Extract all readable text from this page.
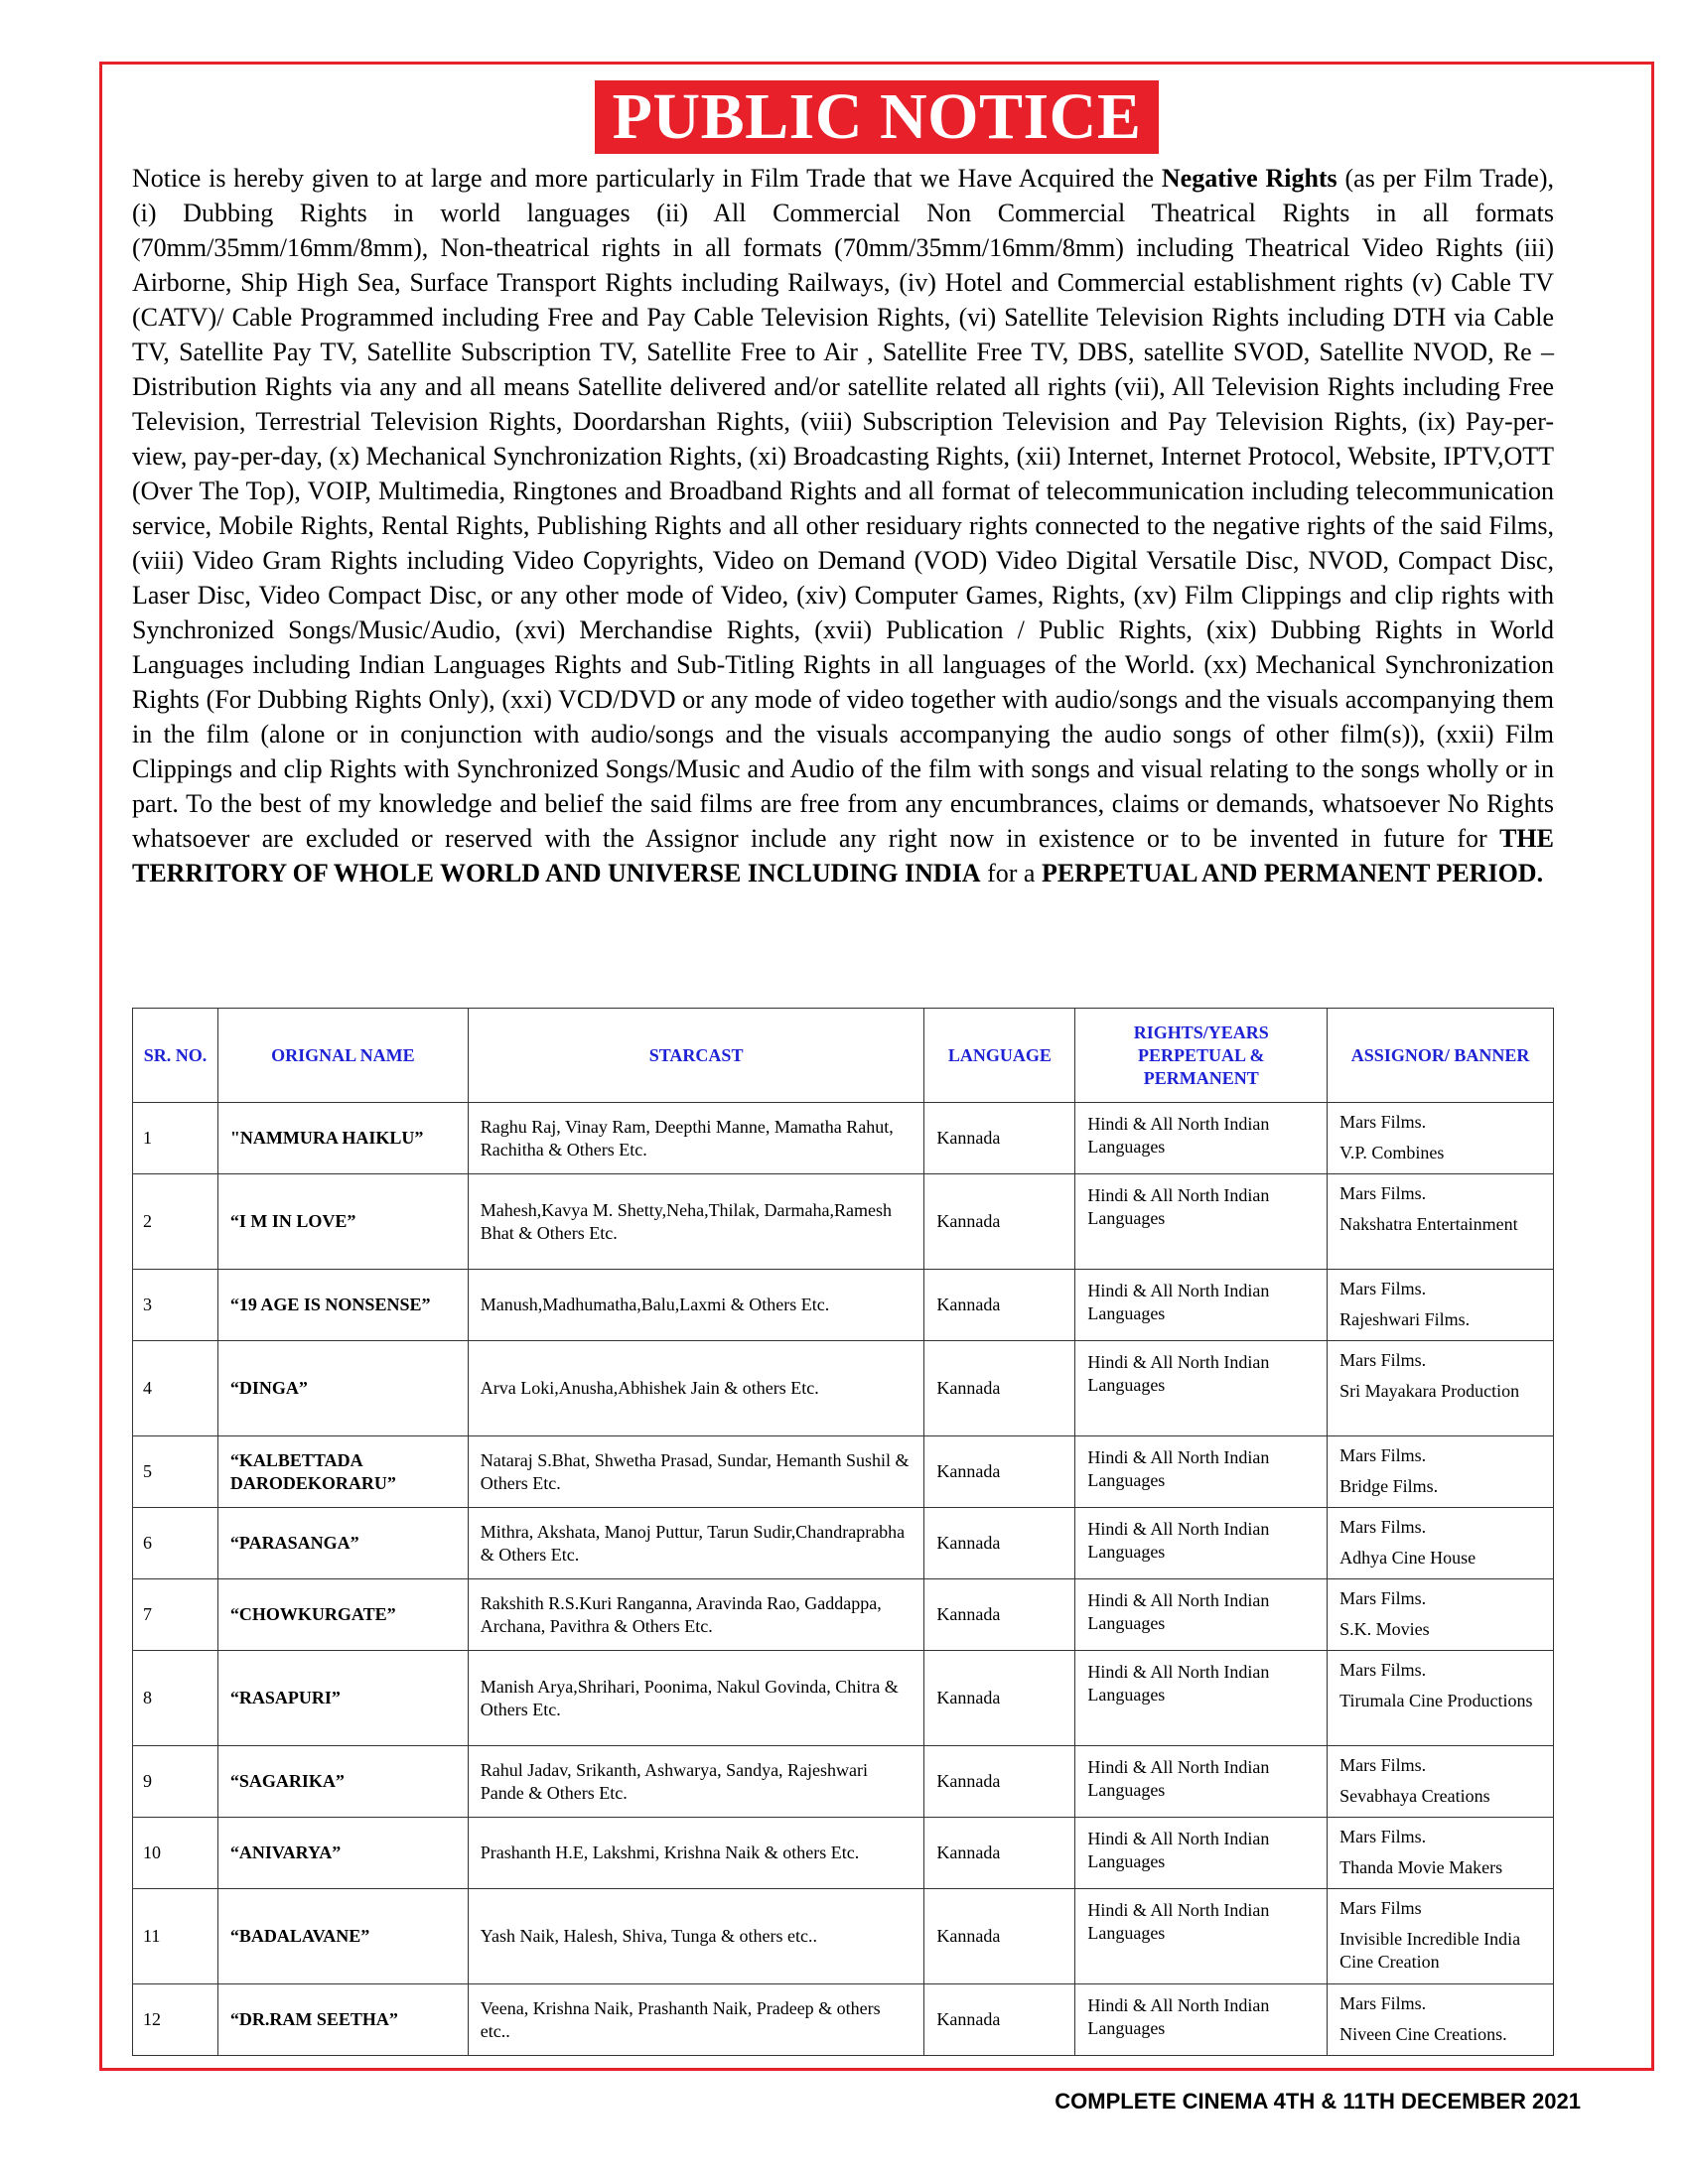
PUBLIC NOTICE
Notice is hereby given to at large and more particularly in Film Trade that we Have Acquired the Negative Rights (as per Film Trade), (i) Dubbing Rights in world languages (ii) All Commercial Non Commercial Theatrical Rights in all formats (70mm/35mm/16mm/8mm), Non-theatrical rights in all formats (70mm/35mm/16mm/8mm) including Theatrical Video Rights (iii) Airborne, Ship High Sea, Surface Transport Rights including Railways, (iv) Hotel and Commercial establishment rights (v) Cable TV (CATV)/ Cable Programmed including Free and Pay Cable Television Rights, (vi) Satellite Television Rights including DTH via Cable TV, Satellite Pay TV, Satellite Subscription TV, Satellite Free to Air , Satellite Free TV, DBS, satellite SVOD, Satellite NVOD, Re – Distribution Rights via any and all means Satellite delivered and/or satellite related all rights (vii), All Television Rights including Free Television, Terrestrial Television Rights, Doordarshan Rights, (viii) Subscription Television and Pay Television Rights, (ix) Pay-per-view, pay-per-day, (x) Mechanical Synchronization Rights, (xi) Broadcasting Rights, (xii) Internet, Internet Protocol, Website, IPTV,OTT (Over The Top), VOIP, Multimedia, Ringtones and Broadband Rights and all format of telecommunication including telecommunication service, Mobile Rights, Rental Rights, Publishing Rights and all other residuary rights connected to the negative rights of the said Films, (viii) Video Gram Rights including Video Copyrights, Video on Demand (VOD) Video Digital Versatile Disc, NVOD, Compact Disc, Laser Disc, Video Compact Disc, or any other mode of Video, (xiv) Computer Games, Rights, (xv) Film Clippings and clip rights with Synchronized Songs/Music/Audio, (xvi) Merchandise Rights, (xvii) Publication / Public Rights, (xix) Dubbing Rights in World Languages including Indian Languages Rights and Sub-Titling Rights in all languages of the World. (xx) Mechanical Synchronization Rights (For Dubbing Rights Only), (xxi) VCD/DVD or any mode of video together with audio/songs and the visuals accompanying them in the film (alone or in conjunction with audio/songs and the visuals accompanying the audio songs of other film(s)), (xxii) Film Clippings and clip Rights with Synchronized Songs/Music and Audio of the film with songs and visual relating to the songs wholly or in part. To the best of my knowledge and belief the said films are free from any encumbrances, claims or demands, whatsoever No Rights whatsoever are excluded or reserved with the Assignor include any right now in existence or to be invented in future for THE TERRITORY OF WHOLE WORLD AND UNIVERSE INCLUDING INDIA for a PERPETUAL AND PERMANENT PERIOD.
SR. NO.	ORIGNAL NAME	STARCAST	LANGUAGE	RIGHTS/YEARS PERPETUAL & PERMANENT	ASSIGNOR/ BANNER
1	"NAMMURA HAIKLU”	Raghu Raj, Vinay Ram, Deepthi Manne, Mamatha Rahut, Rachitha & Others Etc.	Kannada	Hindi & All North Indian Languages	Mars Films.
V.P. Combines
2	“I M IN LOVE”	Mahesh,Kavya M. Shetty,Neha,Thilak, Darmaha,Ramesh Bhat & Others Etc.	Kannada	Hindi & All North Indian Languages	Mars Films.
Nakshatra Entertainment
3	“19 AGE IS NONSENSE”	Manush,Madhumatha,Balu,Laxmi & Others Etc.	Kannada	Hindi & All North Indian Languages	Mars Films.
Rajeshwari Films.
4	“DINGA”	Arva Loki,Anusha,Abhishek Jain & others Etc.	Kannada	Hindi & All North Indian Languages	Mars Films.
Sri Mayakara Production
5	“KALBETTADA DARODEKORARU”	Nataraj S.Bhat, Shwetha Prasad, Sundar, Hemanth Sushil & Others Etc.	Kannada	Hindi & All North Indian Languages	Mars Films.
Bridge Films.
6	“PARASANGA”	Mithra, Akshata, Manoj Puttur, Tarun Sudir,Chandraprabha & Others Etc.	Kannada	Hindi & All North Indian Languages	Mars Films.
Adhya Cine House
7	“CHOWKURGATE”	Rakshith R.S.Kuri Ranganna, Aravinda Rao, Gaddappa, Archana, Pavithra & Others Etc.	Kannada	Hindi & All North Indian Languages	Mars Films.
S.K. Movies
8	“RASAPURI”	Manish Arya,Shrihari, Poonima, Nakul Govinda, Chitra & Others Etc.	Kannada	Hindi & All North Indian Languages	Mars Films.
Tirumala Cine Productions
9	“SAGARIKA”	Rahul Jadav, Srikanth, Ashwarya, Sandya, Rajeshwari Pande & Others Etc.	Kannada	Hindi & All North Indian Languages	Mars Films.
Sevabhaya Creations
10	“ANIVARYA”	Prashanth H.E, Lakshmi, Krishna Naik & others Etc.	Kannada	Hindi & All North Indian Languages	Mars Films.
Thanda Movie Makers
11	“BADALAVANE”	Yash Naik, Halesh, Shiva, Tunga & others etc..	Kannada	Hindi & All North Indian Languages	Mars Films
Invisible Incredible India Cine Creation
12	“DR.RAM SEETHA”	Veena, Krishna Naik, Prashanth Naik, Pradeep & others etc..	Kannada	Hindi & All North Indian Languages	Mars Films.
Niveen Cine Creations.
COMPLETE CINEMA 4TH & 11TH DECEMBER 2021
